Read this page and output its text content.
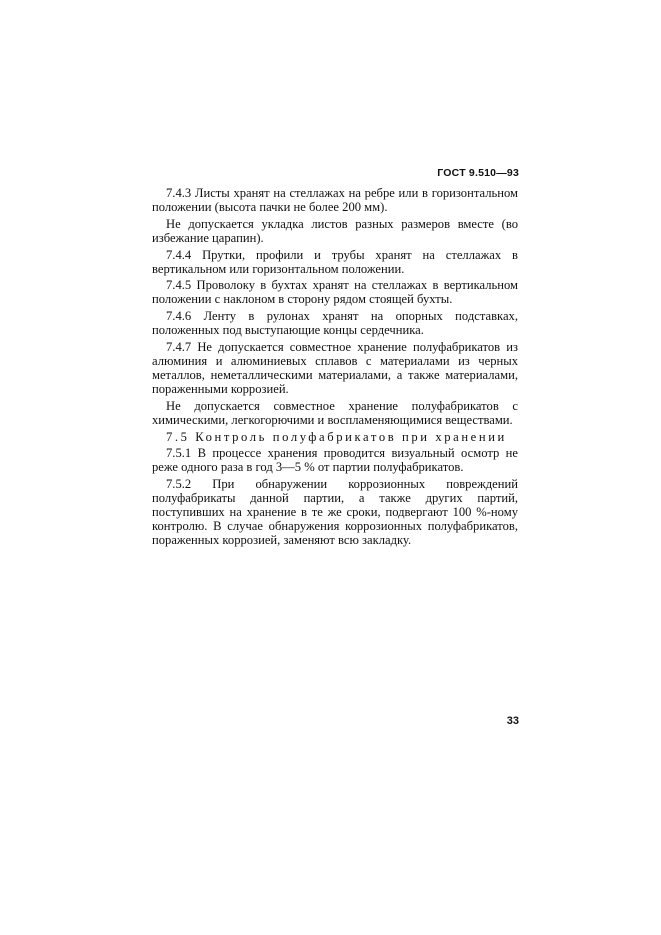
ГОСТ 9.510—93

7.4.3 Листы хранят на стеллажах на ребре или в горизонтальном положении (высота пачки не более 200 мм).

Не допускается укладка листов разных размеров вместе (во избежание царапин).

7.4.4 Прутки, профили и трубы хранят на стеллажах в вертикальном или горизонтальном положении.

7.4.5 Проволоку в бухтах хранят на стеллажах в вертикальном положении с наклоном в сторону рядом стоящей бухты.

7.4.6 Ленту в рулонах хранят на опорных подставках, положенных под выступающие концы сердечника.

7.4.7 Не допускается совместное хранение полуфабрикатов из алюминия и алюминиевых сплавов с материалами из черных металлов, неметаллическими материалами, а также материалами, пораженными коррозией.

Не допускается совместное хранение полуфабрикатов с химическими, легкогорючими и воспламеняющимися веществами.

7.5 Контроль полуфабрикатов при хранении

7.5.1 В процессе хранения проводится визуальный осмотр не реже одного раза в год 3—5 % от партии полуфабрикатов.

7.5.2 При обнаружении коррозионных повреждений полуфабрикаты данной партии, а также других партий, поступивших на хранение в те же сроки, подвергают 100 %-ному контролю. В случае обнаружения коррозионных полуфабрикатов, пораженных коррозией, заменяют всю закладку.

33
